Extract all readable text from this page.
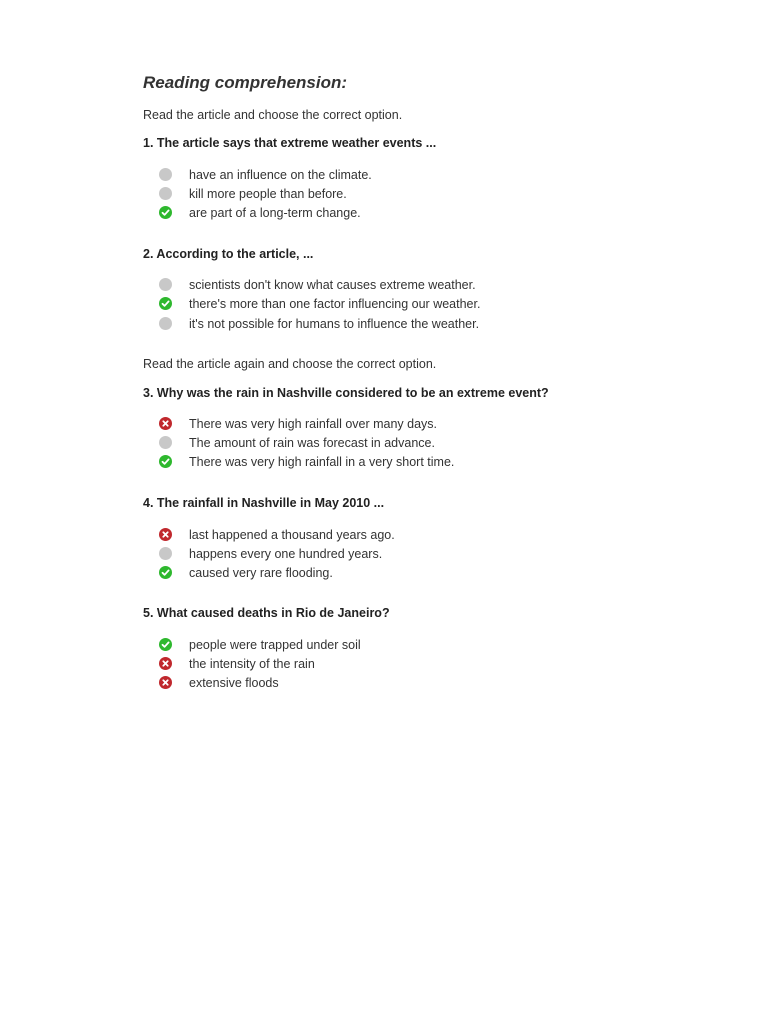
Reading comprehension:
Read the article and choose the correct option.
1. The article says that extreme weather events ...
have an influence on the climate.
kill more people than before.
are part of a long-term change.
2. According to the article, ...
scientists don't know what causes extreme weather.
there's more than one factor influencing our weather.
it's not possible for humans to influence the weather.
Read the article again and choose the correct option.
3. Why was the rain in Nashville considered to be an extreme event?
There was very high rainfall over many days.
The amount of rain was forecast in advance.
There was very high rainfall in a very short time.
4. The rainfall in Nashville in May 2010 ...
last happened a thousand years ago.
happens every one hundred years.
caused very rare flooding.
5. What caused deaths in Rio de Janeiro?
people were trapped under soil
the intensity of the rain
extensive floods
